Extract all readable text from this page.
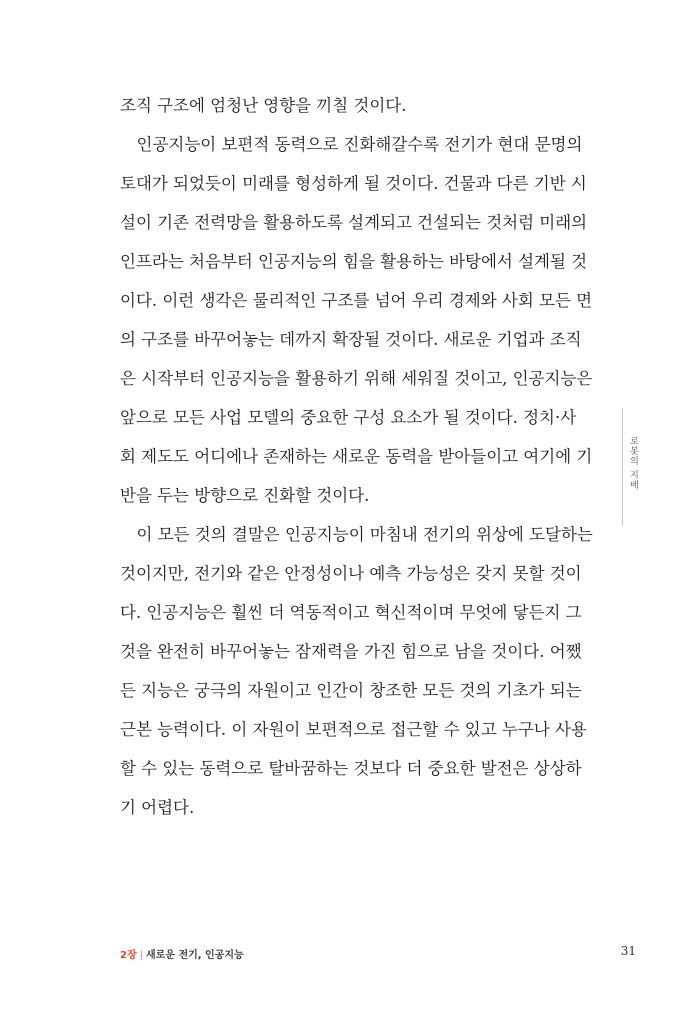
조직 구조에 엄청난 영향을 끼칠 것이다.
　인공지능이 보편적 동력으로 진화해갈수록 전기가 현대 문명의
토대가 되었듯이 미래를 형성하게 될 것이다. 건물과 다른 기반 시
설이 기존 전력망을 활용하도록 설계되고 건설되는 것처럼 미래의
인프라는 처음부터 인공지능의 힘을 활용하는 바탕에서 설계될 것
이다. 이런 생각은 물리적인 구조를 넘어 우리 경제와 사회 모든 면
의 구조를 바꾸어놓는 데까지 확장될 것이다. 새로운 기업과 조직
은 시작부터 인공지능을 활용하기 위해 세워질 것이고, 인공지능은
앞으로 모든 사업 모델의 중요한 구성 요소가 될 것이다. 정치·사
회 제도도 어디에나 존재하는 새로운 동력을 받아들이고 여기에 기
반을 두는 방향으로 진화할 것이다.
　이 모든 것의 결말은 인공지능이 마침내 전기의 위상에 도달하는
것이지만, 전기와 같은 안정성이나 예측 가능성은 갖지 못할 것이
다. 인공지능은 훨씬 더 역동적이고 혁신적이며 무엇에 닿든지 그
것을 완전히 바꾸어놓는 잠재력을 가진 힘으로 남을 것이다. 어쨌
든 지능은 궁극의 자원이고 인간이 창조한 모든 것의 기초가 되는
근본 능력이다. 이 자원이 보편적으로 접근할 수 있고 누구나 사용
할 수 있는 동력으로 탈바꿈하는 것보다 더 중요한 발전은 상상하
기 어렵다.
로봇의 지배
2장 | 새로운 전기, 인공지능	31
